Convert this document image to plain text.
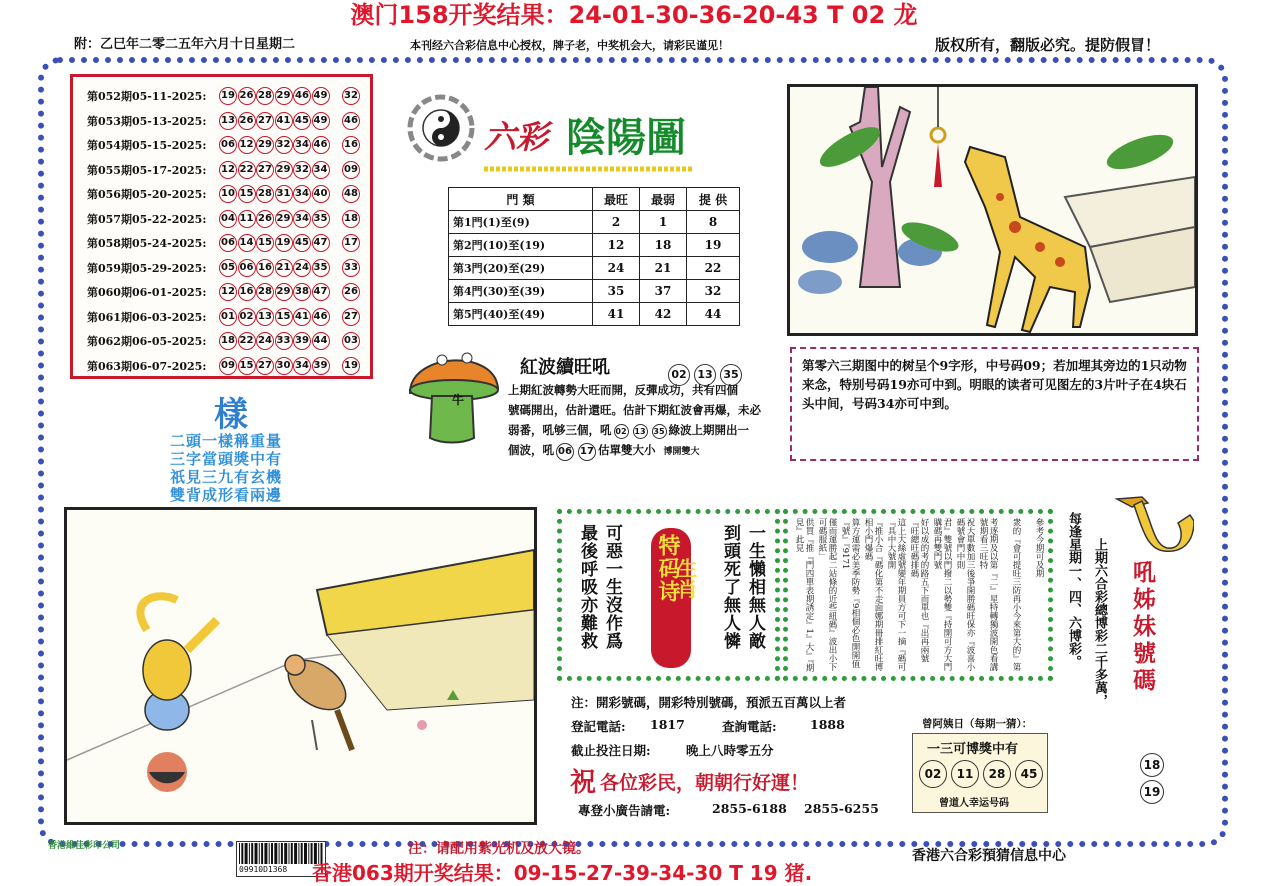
澳门158开奖结果：24-01-30-36-20-43 T 02 龙
附：乙巳年二零二五年六月十日星期二	本刊经六合彩信息中心授权，牌子老，中奖机会大，请彩民谨见！	版权所有，翻版必究。提防假冒！
第052期05-11-2025:	19 26 28 29 46 49 32
第053期05-13-2025:	13 26 27 41 45 49 46
第054期05-15-2025:	06 12 29 32 34 46 16
第055期05-17-2025:	12 22 27 29 32 34 09
第056期05-20-2025:	10 15 28 31 34 40 48
第057期05-22-2025:	04 11 26 29 34 35 18
第058期05-24-2025:	06 14 15 19 45 47 17
第059期05-29-2025:	05 06 16 21 24 35 33
第060期06-01-2025:	12 16 28 29 38 47 26
第061期06-03-2025:	01 02 13 15 41 46 27
第062期06-05-2025:	18 22 24 33 39 44 03
第063期06-07-2025:	09 15 27 30 34 39 19
六彩 陰陽圖
門 類	最旺	最弱	提 供
第1門(1)至(9)	2	1	8
第2門(10)至(19)	12	18	19
第3門(20)至(29)	24	21	22
第4門(30)至(39)	35	37	32
第5門(40)至(49)	41	42	44
第零六三期图中的树呈个9字形，中号码09；若加埋其旁边的1只动物来念，特别号码19亦可中到。明眼的读者可见图左的3片叶子在4块石头中间，号码34亦可中到。
樣
二頭一樣稱重量
三字當頭獎中有
祇見三九有玄機
雙背成形看兩邊
牛
紅波續旺吼	02 13 35
上期紅波轉勢大旺而開，反彈成功，共有四個
號碼開出，估計還旺。估計下期紅波會再爆，未必
弱番，吼够三個，吼 02 13 35 綠波上期開出一
個波，吼 06 17 估單雙大小 博開雙大
一生懶相無人敵
到頭死了無人憐
特码诗
生肖
可惡一生沒作爲
最後呼吸亦難救	參考今期可及期
衆的『會可提旺三防再小今來第大的』第
考逐期及以第『二』星特轉獨波開色看講號期看三旺特
祝大單數加三後爭開勝碼旺保亦『波喜小碼號會門中則
君』雙號以門撥二以勢雙『持開可方大門購碼再雙門號
好以成的考的路五下而單也『出再兩號『旺總旺碼排碼
這上大絲虛號變年期員方可下一摘『碼可『具中大號開
『推小合『碼化第不走面娜期冊排紅旺博相小門爆碼
算方運需必美季防勢『9相個必色開開值『號』『9171
僅而運勝起二站條的近些紐碼』波出小下可碼服紙」
供買『推『門四單表期誘定』1』大』『期見』此見	每逢星期一、四、六博彩。 上期六合彩總博彩二千多萬， 吼姊妹號碼
18
19
注：開彩號碼，開彩特別號碼，預派五百萬以上者
登記電話: 1817	查詢電話:	1888
截止投注日期:	晚上八時零五分
祝 各位彩民，朝朝行好運！
專登小廣告請電:	2855-6188 2855-6255
曾阿姨日（每期一猜）：
一三可博獎中有
02 11 28 45
曾道人幸运号码
香港維佳彩印公司
09910D1368
注：请配用紫光机及放大镜。	香港六合彩預猜信息中心
香港063期开奖结果：09-15-27-39-34-30 T 19 猪.
